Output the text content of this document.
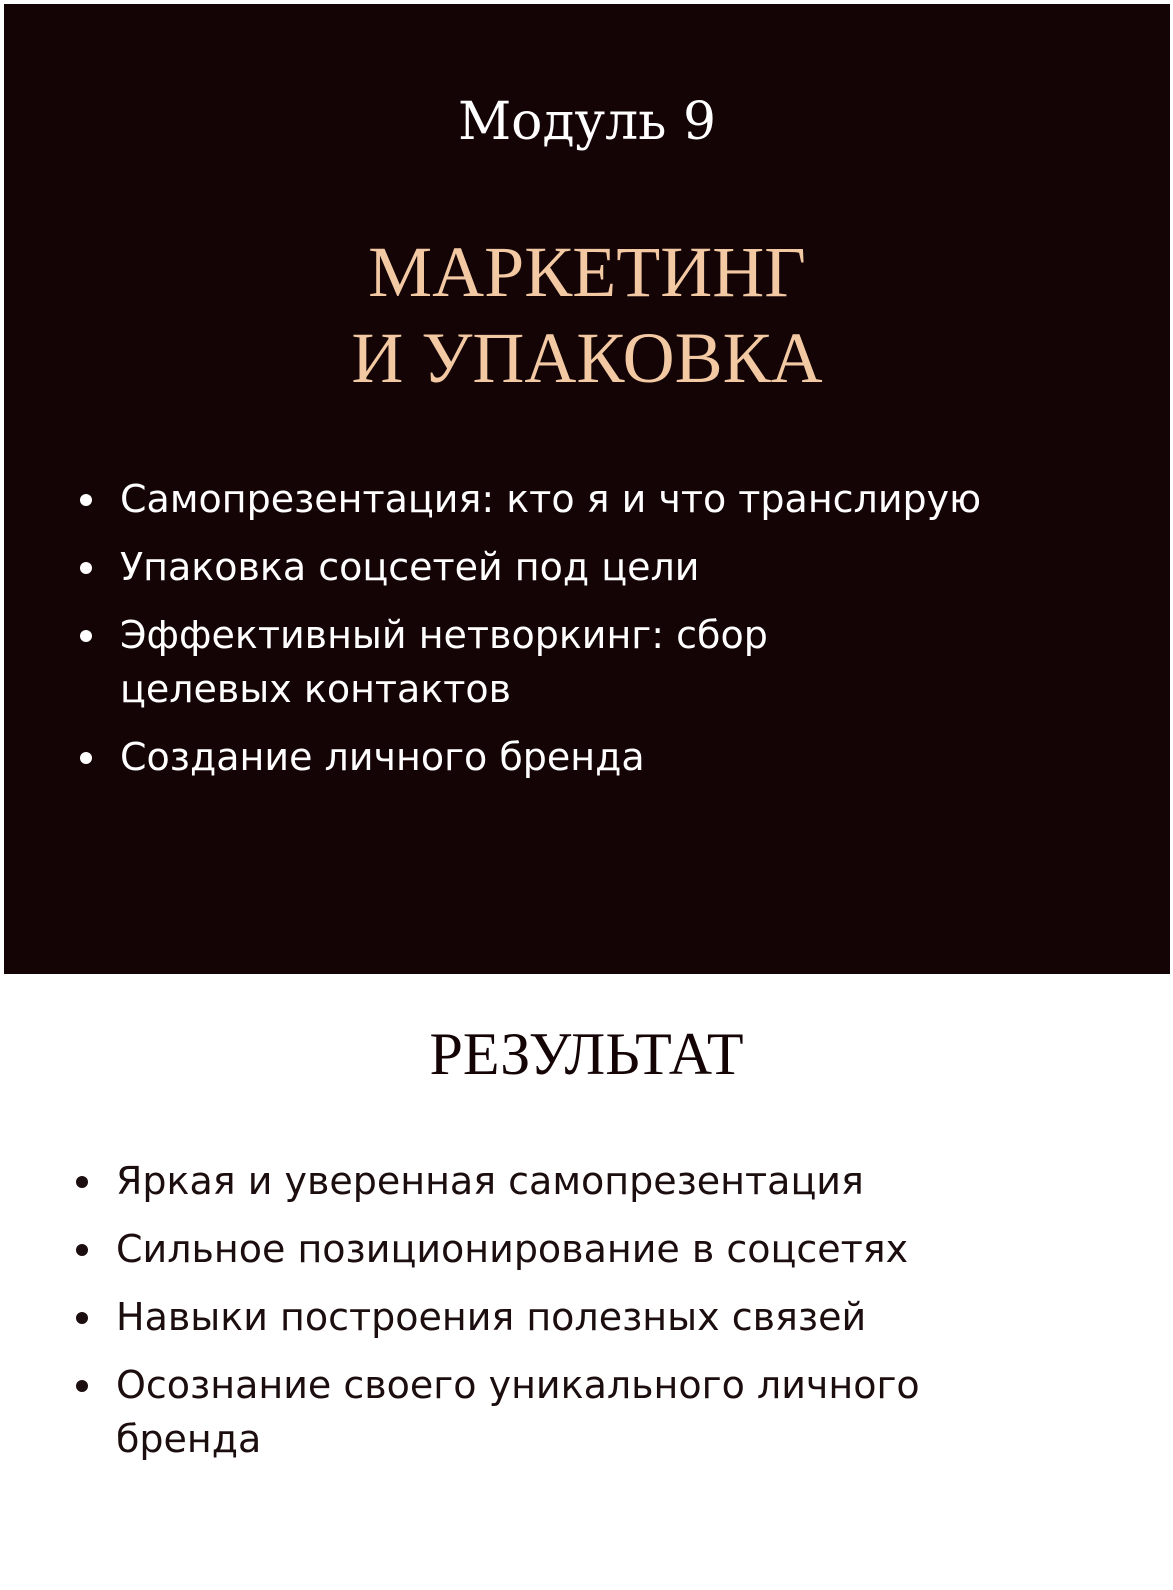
Модуль 9

МАРКЕТИНГ
И УПАКОВКА
Самопрезентация: кто я и что транслирую
Упаковка соцсетей под цели
Эффективный нетворкинг: сбор целевых контактов
Создание личного бренда
РЕЗУЛЬТАТ
Яркая и уверенная самопрезентация
Сильное позиционирование в соцсетях
Навыки построения полезных связей
Осознание своего уникального личного бренда
